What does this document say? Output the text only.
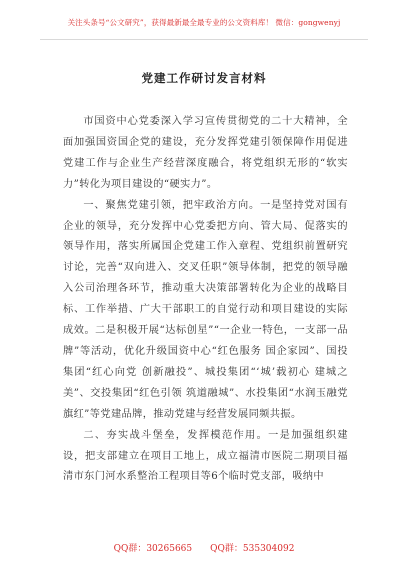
关注头条号“公文研究”，获得最新最全最专业的公文资料库！ 微信：gongwenyj
党建工作研讨发言材料

市国资中心党委深入学习宣传贯彻党的二十大精神，全面加强国资国企党的建设，充分发挥党建引领保障作用促进党建工作与企业生产经营深度融合，将党组织无形的“软实力”转化为项目建设的“硬实力”。

一、聚焦党建引领，把牢政治方向。一是坚持党对国有企业的领导，充分发挥中心党委把方向、管大局、促落实的领导作用，落实所属国企党建工作入章程、党组织前置研究讨论，完善“双向进入、交叉任职”领导体制，把党的领导融入公司治理各环节，推动重大决策部署转化为企业的战略目标、工作举措、广大干部职工的自觉行动和项目建设的实际成效。二是积极开展“达标创星”“一企业一特色，一支部一品牌”等活动，优化升级国资中心“红色服务 国企家园”、国投集团“红心向党 创新融投”、城投集团“‘城’载初心 建城之美”、交投集团“红色引领 筑道融城”、水投集团“水润玉融党旗红”等党建品牌，推动党建与经营发展同频共振。

二、夯实战斗堡垒，发挥模范作用。一是加强组织建设，把支部建立在项目工地上，成立福清市医院二期项目福清市东门河水系整治工程项目等6个临时党支部，吸纳中

QQ群：30265665 QQ群：535304092
